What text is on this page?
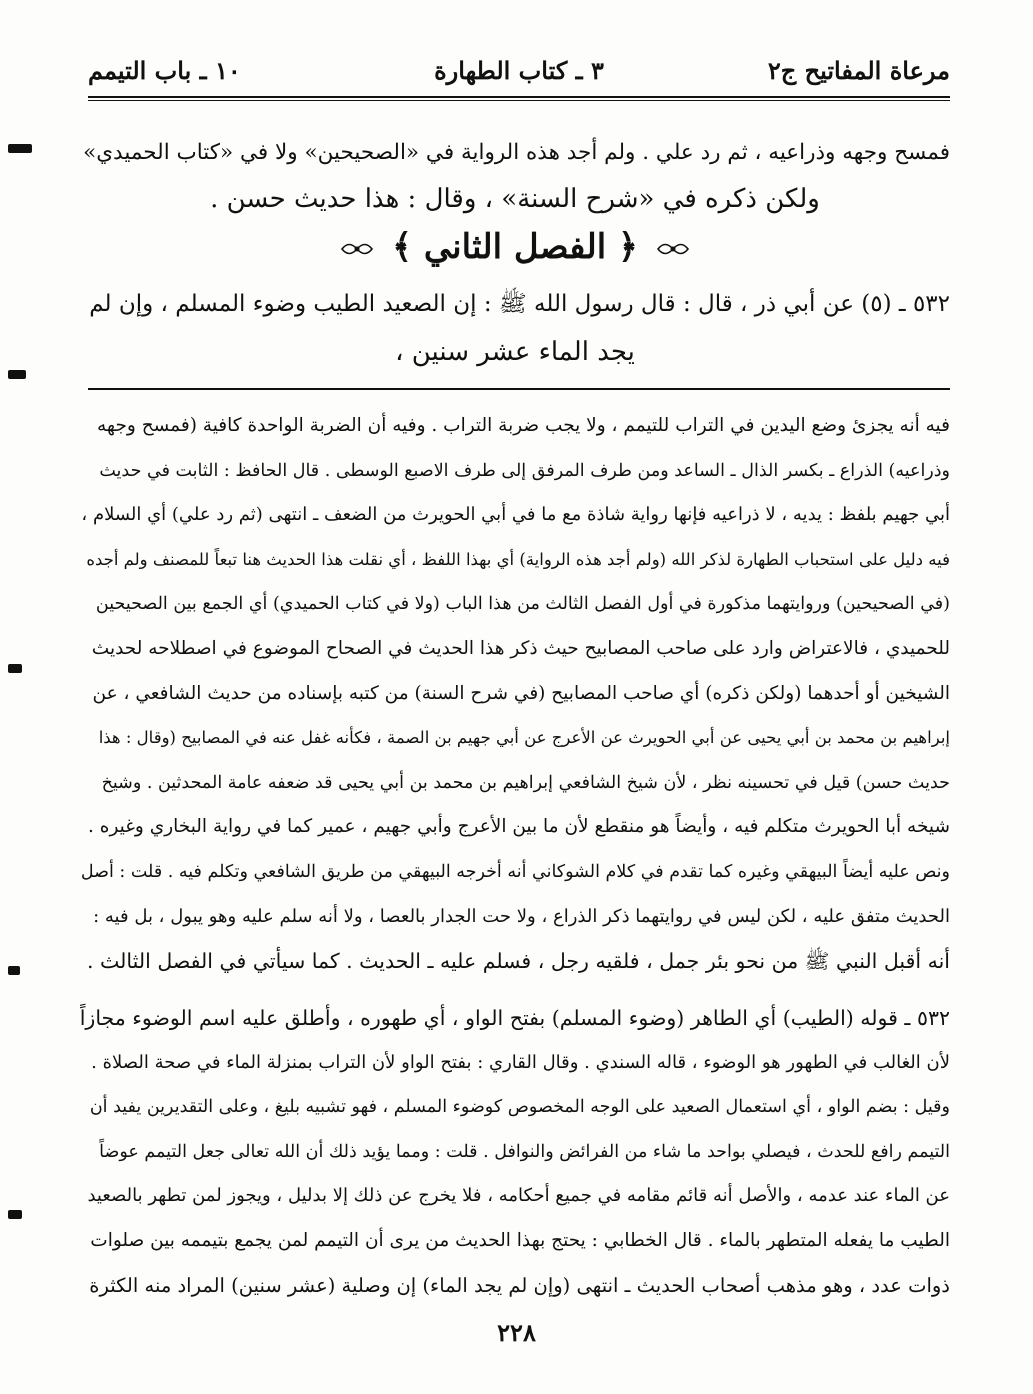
مرعاة المفاتيح ج٢
٣ ـ كتاب الطهارة
١٠ ـ باب التيمم
فمسح وجهه وذراعيه ، ثم رد علي . ولم أجد هذه الرواية في «الصحيحين» ولا في «كتاب الحميدي»
ولكن ذكره في «شرح السنة» ، وقال : هذا حديث حسن .
﴿ الفصل الثاني ﴾
٥٣٢ ـ (٥) عن أبي ذر ، قال : قال رسول الله ﷺ : إن الصعيد الطيب وضوء المسلم ، وإن لم
يجد الماء عشر سنين ،
فيه أنه يجزئ وضع اليدين في التراب للتيمم ، ولا يجب ضربة التراب . وفيه أن الضربة الواحدة كافية (فمسح وجهه
وذراعيه) الذراع ـ بكسر الذال ـ الساعد ومن طرف المرفق إلى طرف الاصبع الوسطى . قال الحافظ : الثابت في حديث
أبي جهيم بلفظ : يديه ، لا ذراعيه فإنها رواية شاذة مع ما في أبي الحويرث من الضعف ـ انتهى (ثم رد علي) أي السلام ،
فيه دليل على استحباب الطهارة لذكر الله (ولم أجد هذه الرواية) أي بهذا اللفظ ، أي نقلت هذا الحديث هنا تبعاً للمصنف ولم أجده
(في الصحيحين) وروايتهما مذكورة في أول الفصل الثالث من هذا الباب (ولا في كتاب الحميدي) أي الجمع بين الصحيحين
للحميدي ، فالاعتراض وارد على صاحب المصابيح حيث ذكر هذا الحديث في الصحاح الموضوع في اصطلاحه لحديث
الشيخين أو أحدهما (ولكن ذكره) أي صاحب المصابيح (في شرح السنة) من كتبه بإسناده من حديث الشافعي ، عن
إبراهيم بن محمد بن أبي يحيى عن أبي الحويرث عن الأعرج عن أبي جهيم بن الصمة ، فكأنه غفل عنه في المصابيح (وقال : هذا
حديث حسن) قيل في تحسينه نظر ، لأن شيخ الشافعي إبراهيم بن محمد بن أبي يحيى قد ضعفه عامة المحدثين . وشيخ
شيخه أبا الحويرث متكلم فيه ، وأيضاً هو منقطع لأن ما بين الأعرج وأبي جهيم ، عمير كما في رواية البخاري وغيره .
ونص عليه أيضاً البيهقي وغيره كما تقدم في كلام الشوكاني أنه أخرجه البيهقي من طريق الشافعي وتكلم فيه . قلت : أصل
الحديث متفق عليه ، لكن ليس في روايتهما ذكر الذراع ، ولا حت الجدار بالعصا ، ولا أنه سلم عليه وهو يبول ، بل فيه :
أنه أقبل النبي ﷺ من نحو بئر جمل ، فلقيه رجل ، فسلم عليه ـ الحديث . كما سيأتي في الفصل الثالث .
٥٣٢ ـ قوله (الطيب) أي الطاهر (وضوء المسلم) بفتح الواو ، أي طهوره ، وأطلق عليه اسم الوضوء مجازاً
لأن الغالب في الطهور هو الوضوء ، قاله السندي . وقال القاري : بفتح الواو لأن التراب بمنزلة الماء في صحة الصلاة .
وقيل : بضم الواو ، أي استعمال الصعيد على الوجه المخصوص كوضوء المسلم ، فهو تشبيه بليغ ، وعلى التقديرين يفيد أن
التيمم رافع للحدث ، فيصلي بواحد ما شاء من الفرائض والنوافل . قلت : ومما يؤيد ذلك أن الله تعالى جعل التيمم عوضاً
عن الماء عند عدمه ، والأصل أنه قائم مقامه في جميع أحكامه ، فلا يخرج عن ذلك إلا بدليل ، ويجوز لمن تطهر بالصعيد
الطيب ما يفعله المتطهر بالماء . قال الخطابي : يحتج بهذا الحديث من يرى أن التيمم لمن يجمع بتيممه بين صلوات
ذوات عدد ، وهو مذهب أصحاب الحديث ـ انتهى (وإن لم يجد الماء) إن وصلية (عشر سنين) المراد منه الكثرة
٢٢٨
